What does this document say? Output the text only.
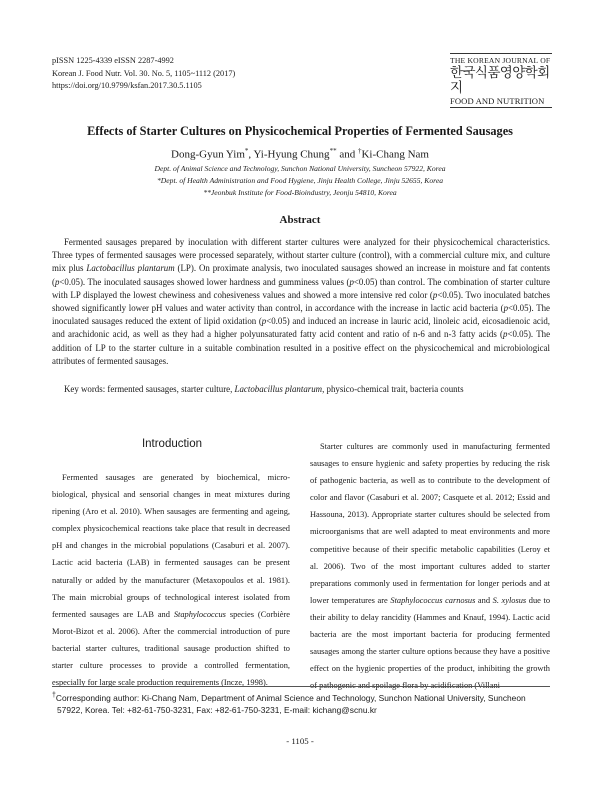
pISSN 1225-4339 eISSN 2287-4992
Korean J. Food Nutr. Vol. 30. No. 5, 1105~1112 (2017)
https://doi.org/10.9799/ksfan.2017.30.5.1105
THE KOREAN JOURNAL OF
한국식품영양학회지
FOOD AND NUTRITION
Effects of Starter Cultures on Physicochemical Properties of Fermented Sausages
Dong-Gyun Yim*, Yi-Hyung Chung** and †Ki-Chang Nam
Dept. of Animal Science and Technology, Sunchon National University, Suncheon 57922, Korea
*Dept. of Health Administration and Food Hygiene, Jinju Health College, Jinju 52655, Korea
**Jeonbuk Institute for Food-Bioindustry, Jeonju 54810, Korea
Abstract

Fermented sausages prepared by inoculation with different starter cultures were analyzed for their physicochemical characteristics. Three types of fermented sausages were processed separately, without starter culture (control), with a commercial culture mix, and culture mix plus Lactobacillus plantarum (LP). On proximate analysis, two inoculated sausages showed an increase in moisture and fat contents (p<0.05). The inoculated sausages showed lower hardness and gumminess values (p<0.05) than control. The combination of starter culture with LP displayed the lowest chewiness and cohesiveness values and showed a more intensive red color (p<0.05). Two inoculated batches showed significantly lower pH values and water activity than control, in accordance with the increase in lactic acid bacteria (p<0.05). The inoculated sausages reduced the extent of lipid oxidation (p<0.05) and induced an increase in lauric acid, linoleic acid, eicosadienoic acid, and arachidonic acid, as well as they had a higher polyunsaturated fatty acid content and ratio of n-6 and n-3 fatty acids (p<0.05). The addition of LP to the starter culture in a suitable combination resulted in a positive effect on the physicochemical and microbiological attributes of fermented sausages.

Key words: fermented sausages, starter culture, Lactobacillus plantarum, physico-chemical trait, bacteria counts
Introduction

Fermented sausages are generated by biochemical, micro-biological, physical and sensorial changes in meat mixtures during ripening (Aro et al. 2010). When sausages are fermenting and ageing, complex physicochemical reactions take place that result in decreased pH and changes in the microbial populations (Casaburi et al. 2007). Lactic acid bacteria (LAB) in fermented sausages can be present naturally or added by the manufacturer (Metaxopoulos et al. 1981). The main microbial groups of technological interest isolated from fermented sausages are LAB and Staphylococcus species (Corbière Morot-Bizot et al. 2006). After the commercial introduction of pure bacterial starter cultures, traditional sausage production shifted to starter culture processes to provide a controlled fermentation, especially for large scale production requirements (Incze, 1998).

Starter cultures are commonly used in manufacturing fermented sausages to ensure hygienic and safety properties by reducing the risk of pathogenic bacteria, as well as to contribute to the development of color and flavor (Casaburi et al. 2007; Casquete et al. 2012; Essid and Hassouna, 2013). Appropriate starter cultures should be selected from microorganisms that are well adapted to meat environments and more competitive because of their specific metabolic capabilities (Leroy et al. 2006). Two of the most important cultures added to starter preparations commonly used in fermentation for longer periods and at lower temperatures are Staphylococcus carnosus and S. xylosus due to their ability to delay rancidity (Hammes and Knauf, 1994). Lactic acid bacteria are the most important bacteria for producing fermented sausages among the starter culture options because they have a positive effect on the hygienic properties of the product, inhibiting the growth of pathogenic and spoilage flora by acidification (Villani

†Corresponding author: Ki-Chang Nam, Department of Animal Science and Technology, Sunchon National University, Suncheon
57922, Korea. Tel: +82-61-750-3231, Fax: +82-61-750-3231, E-mail: kichang@scnu.kr
- 1105 -
